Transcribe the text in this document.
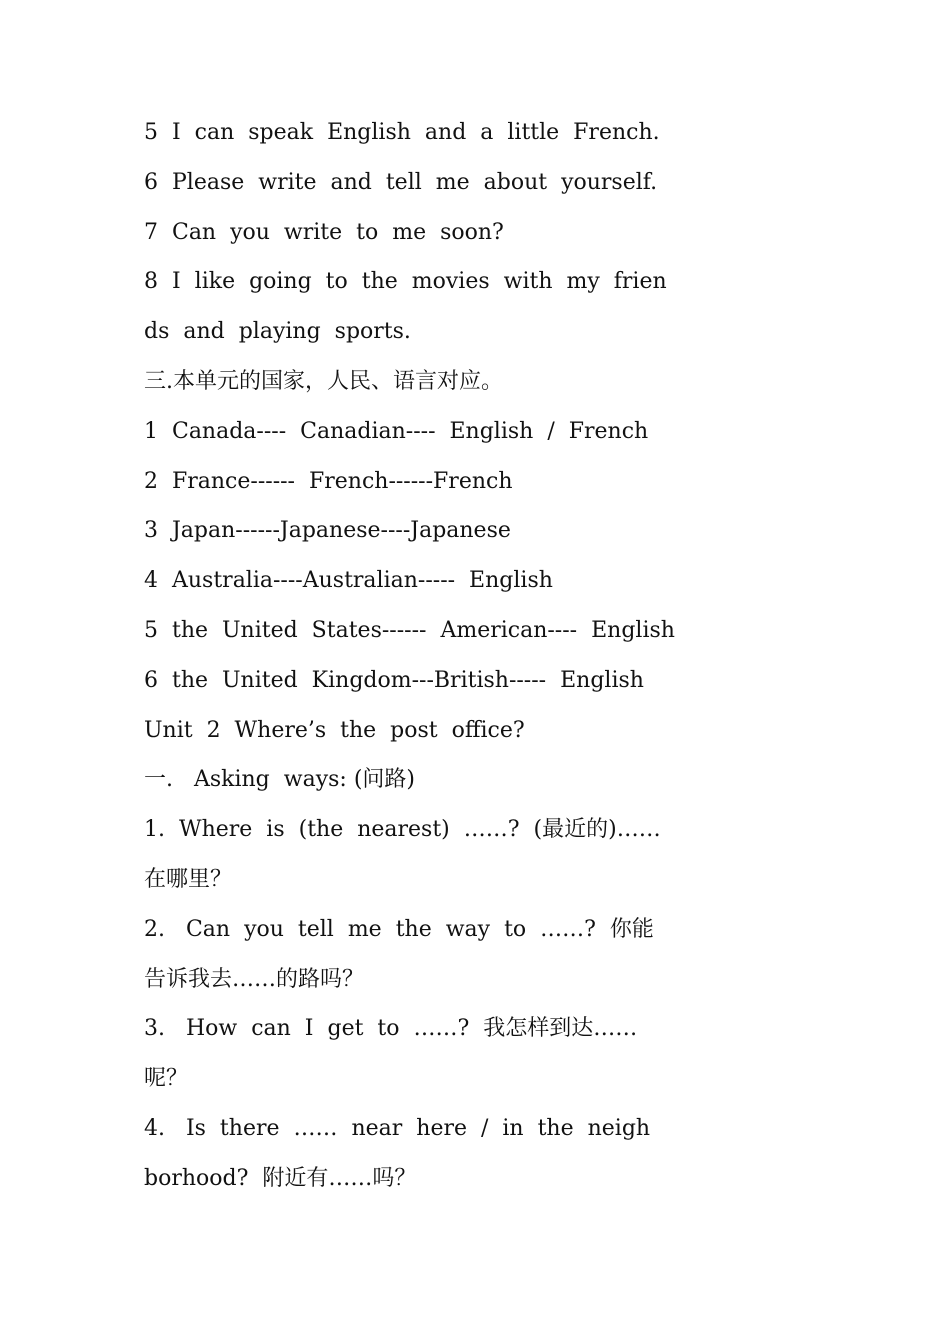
5  I  can  speak  English  and  a  little  French.
6  Please  write  and  tell  me  about  yourself.
7  Can  you  write  to  me  soon?
8  I  like  going  to  the  movies  with  my  frien
ds  and  playing  sports.
三.本单元的国家，人民、语言对应。
1  Canada----  Canadian----  English  /  French
2  France------  French------French
3  Japan------Japanese----Japanese
4  Australia----Australian-----  English
5  the  United  States------  American----  English
6  the  United  Kingdom---British-----  English
Unit  2  Where’s  the  post  office?
一.   Asking  ways: (问路)
1.  Where  is  (the  nearest)  ……?  (最近的)……
在哪里？
2.   Can  you  tell  me  the  way  to  ……?  你能
告诉我去……的路吗？
3.   How  can  I  get  to  ……?  我怎样到达……
呢？
4.   Is  there  ……  near  here  /  in  the  neigh
borhood?  附近有……吗？
